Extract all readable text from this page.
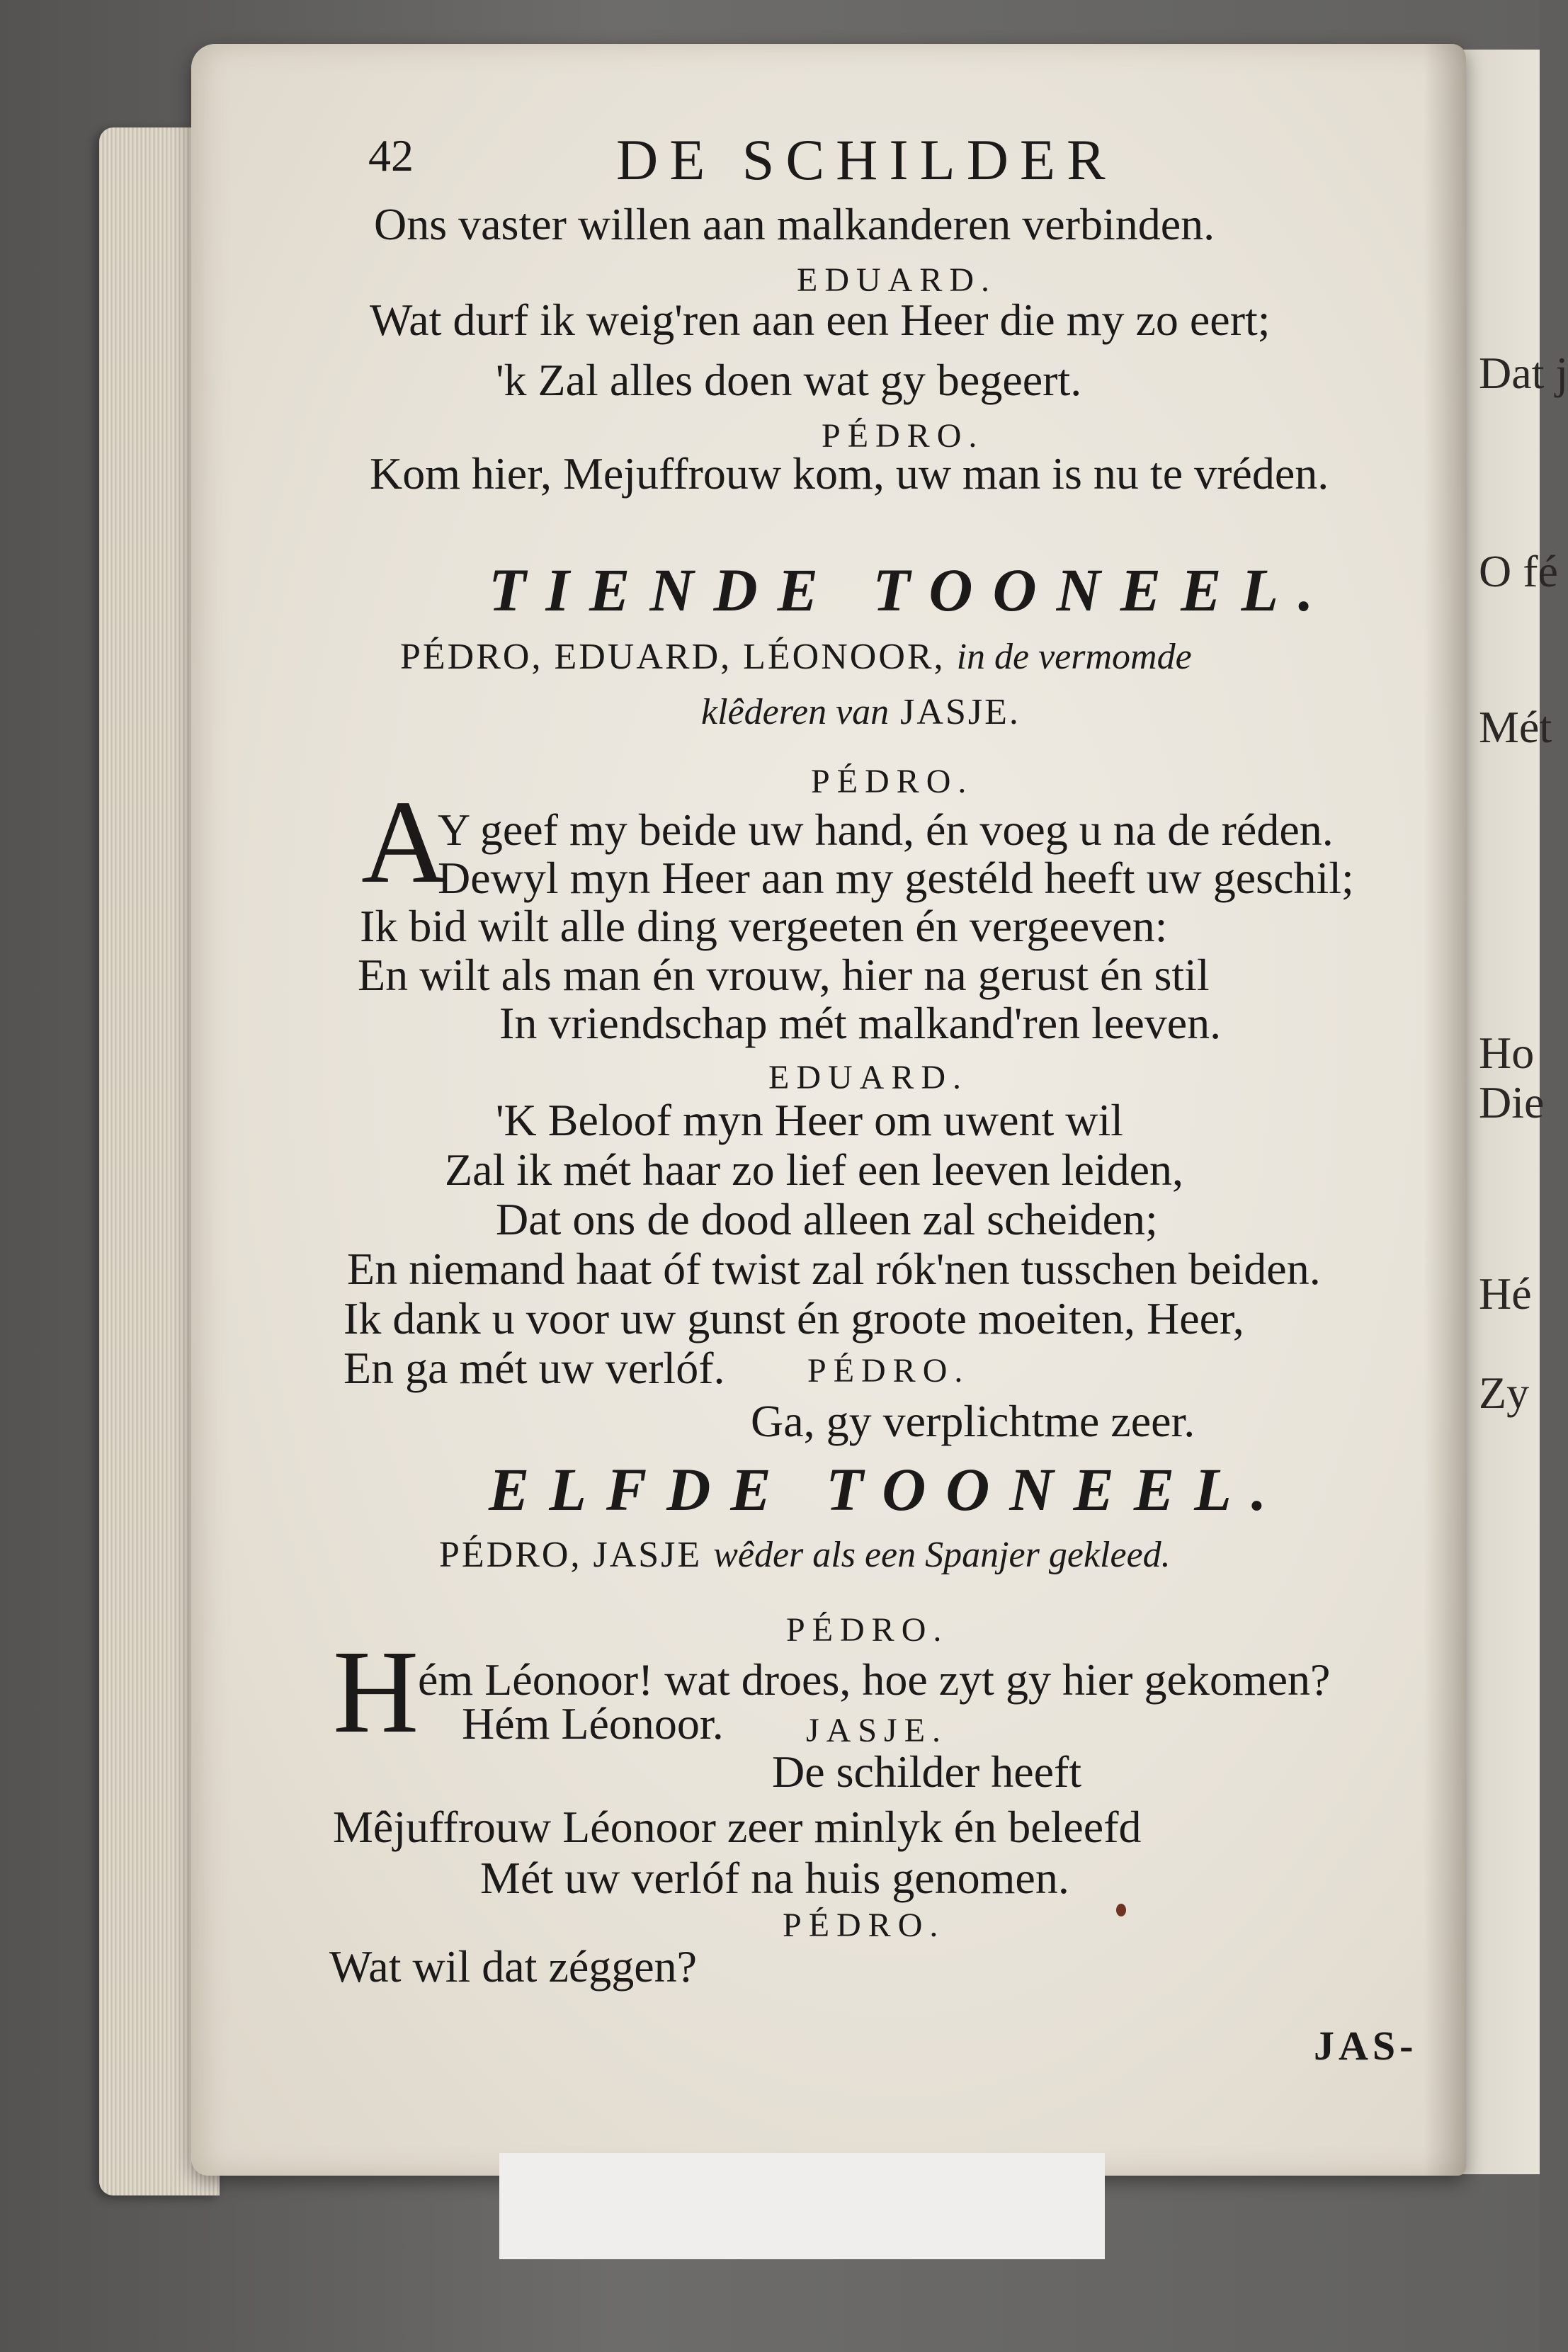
Dat j
O fé
Mét
Ho
Die
Hé
Zy
42	DE SCHILDER
Ons vaster willen aan malkanderen verbinden.
EDUARD.
Wat durf ik weig'ren aan een Heer die my zo eert;
'k Zal alles doen wat gy begeert.
PÉDRO.
Kom hier, Mejuffrouw kom, uw man is nu te vréden.
TIENDE TOONEEL.
PÉDRO, EDUARD, LÉONOOR, in de vermomde
klêderen van JASJE.
PÉDRO.
A
Y geef my beide uw hand, én voeg u na de réden.
Dewyl myn Heer aan my gestéld heeft uw geschil;
Ik bid wilt alle ding vergeeten én vergeeven:
En wilt als man én vrouw, hier na gerust én stil
In vriendschap mét malkand'ren leeven.
EDUARD.
'K Beloof myn Heer om uwent wil
Zal ik mét haar zo lief een leeven leiden,
Dat ons de dood alleen zal scheiden;
En niemand haat óf twist zal rók'nen tusschen beiden.
Ik dank u voor uw gunst én groote moeiten, Heer,
En ga mét uw verlóf. PÉDRO.
Ga, gy verplichtme zeer.
ELFDE TOONEEL.
PÉDRO, JASJE wêder als een Spanjer gekleed.
PÉDRO.
H
ém Léonoor! wat droes, hoe zyt gy hier gekomen?
Hém Léonoor. JASJE.
De schilder heeft
Mêjuffrouw Léonoor zeer minlyk én beleefd
Mét uw verlóf na huis genomen.
PÉDRO.
Wat wil dat zéggen?
JAS-
